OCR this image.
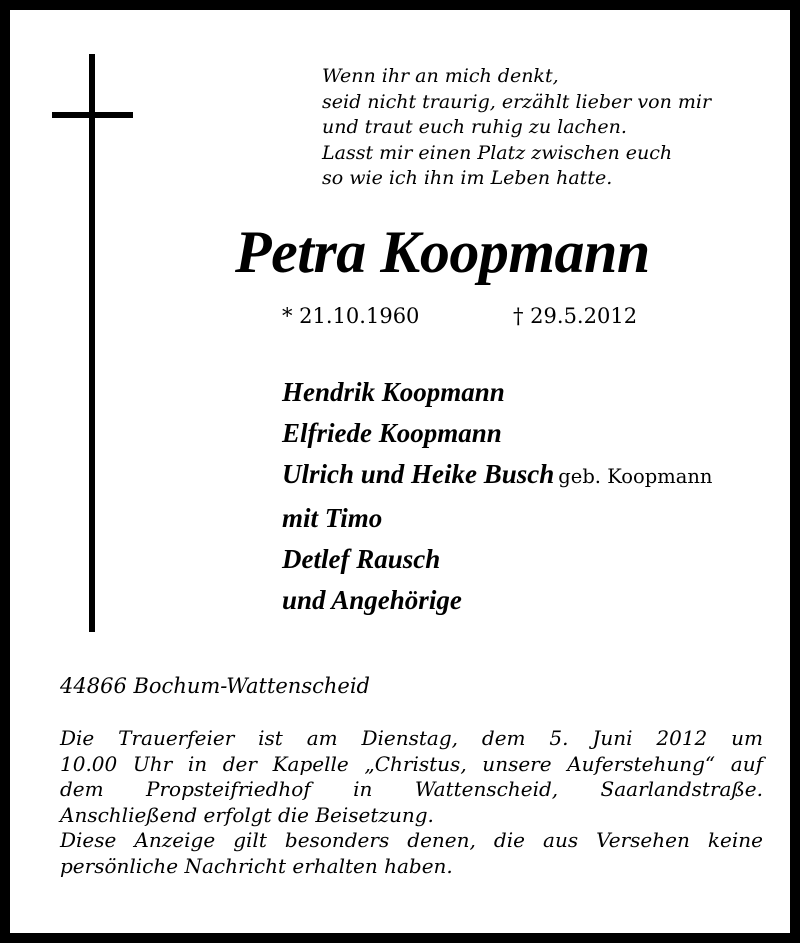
Wenn ihr an mich denkt,
seid nicht traurig, erzählt lieber von mir
und traut euch ruhig zu lachen.
Lasst mir einen Platz zwischen euch
so wie ich ihn im Leben hatte.
Petra Koopmann
* 21.10.1960	† 29.5.2012
Hendrik Koopmann
Elfriede Koopmann
Ulrich und Heike Busch geb. Koopmann
mit Timo
Detlef Rausch
und Angehörige
44866 Bochum-Wattenscheid
Die Trauerfeier ist am Dienstag, dem 5. Juni 2012 um
10.00 Uhr in der Kapelle „Christus, unsere Auferstehung“ auf
dem Propsteifriedhof in Wattenscheid, Saarlandstraße.
Anschließend erfolgt die Beisetzung.
Diese Anzeige gilt besonders denen, die aus Versehen keine
persönliche Nachricht erhalten haben.
